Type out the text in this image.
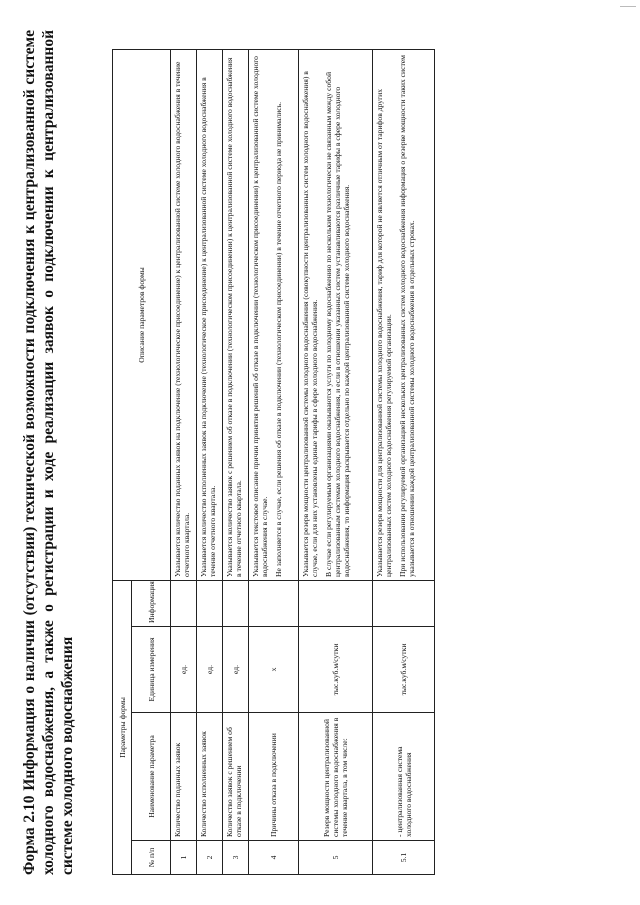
Форма 2.10 Информация о наличии (отсутствии) технической возможности подключения к централизованной системе холодного водоснабжения, а также о регистрации и ходе реализации заявок о подключении к централизованной системе холодного водоснабжения	Параметры формы				Описание параметров формы
№ п/п	Наименование параметра	Единица измерения	Информация	
1	Количество поданных заявок	ед.		Указывается количество поданных заявок на подключение (технологическое присоединение) к централизованной системе холодного водоснабжения в течение отчетного квартала.

2	Количество исполненных заявок	ед.		Указывается количество исполненных заявок на подключение (технологическое присоединение) к централизованной системе холодного водоснабжения в течение отчетного квартала.

3	Количество заявок с решением об отказе в подключении	ед.		Указывается количество заявок с решением об отказе в подключении (технологическом присоединении) к централизованной системе холодного водоснабжения в течение отчетного квартала.

4	Причины отказа в подключении	х		Указывается текстовое описание причин принятия решений об отказе в подключении (технологическом присоединении) к централизованной системе холодного водоснабжения в случае. Не заполняется в случае, если решения об отказе в подключении (технологическом присоединении) в течение отчетного периода не принимались.

5	Резерв мощности централизованной системы холодного водоснабжения в течение квартала, в том числе:	тыс.куб.м/сутки		Указывается резерв мощности централизованной системы холодного водоснабжения (совокупности централизованных систем холодного водоснабжения) в случае, если для них установлены единые тарифы в сфере холодного водоснабжения. В случае если регулируемым организациями оказываются услуги по холодному водоснабжению по нескольким технологически не связанным между собой централизованным системам холодного водоснабжения, и если в отношении указанных систем устанавливаются различные тарифы в сфере холодного водоснабжения, то информация раскрывается отдельно по каждой централизованной системе холодного водоснабжения.

5.1	- централизованная система холодного водоснабжения	тыс.куб.м/сутки		Указывается резерв мощности для централизованной системы холодного водоснабжения, тариф для которой не является отличным от тарифов других централизованных систем холодного водоснабжения регулируемой организации. При использовании регулируемой организацией нескольких централизованных систем холодного водоснабжения информация о резерве мощности таких систем указывается в отношении каждой централизованной системы холодного водоснабжения в отдельных строках.
